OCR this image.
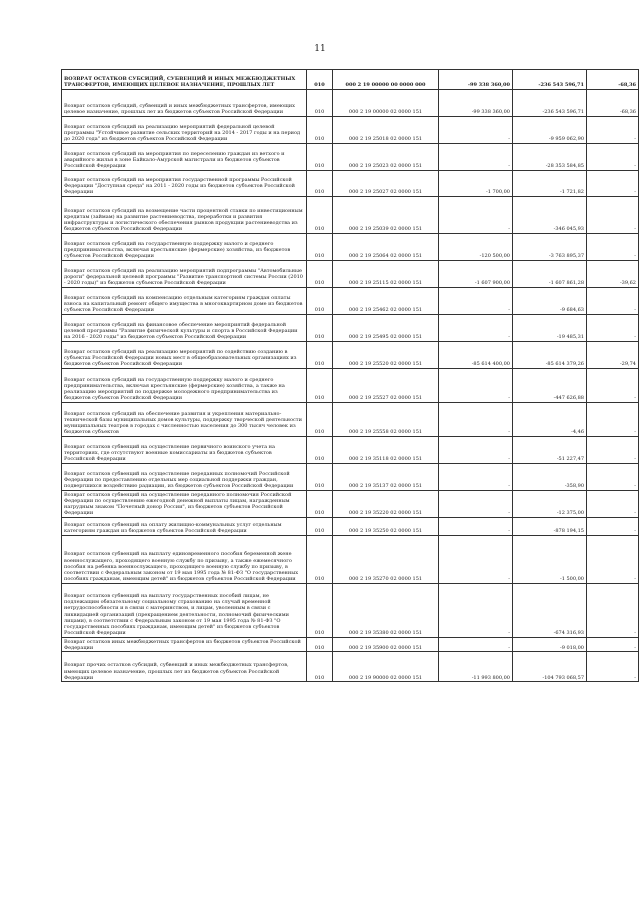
11
ВОЗВРАТ ОСТАТКОВ СУБСИДИЙ, СУБВЕНЦИЙ И ИНЫХ МЕЖБЮДЖЕТНЫХ ТРАНСФЕРТОВ, ИМЕЮЩИХ ЦЕЛЕВОЕ НАЗНАЧЕНИЕ, ПРОШЛЫХ ЛЕТ	010	000 2 19 00000 00 0000 000	-99 338 360,00	-236 543 596,71	-68,36
Возврат остатков субсидий, субвенций и иных межбюджетных трансфертов, имеющих целевое назначение, прошлых лет из бюджетов субъектов Российской Федерации	010	000 2 19 00000 02 0000 151	-99 338 360,00	-236 543 596,71	-68,36
Возврат остатков субсидий на реализацию мероприятий федеральной целевой программы "Устойчивое развитие сельских территорий на 2014 - 2017 годы и на период до 2020 года" из бюджетов субъектов Российской Федерации	010	000 2 19 25018 02 0000 151	-	-9 959 062,90	-
Возврат остатков субсидий на мероприятия по переселению граждан из ветхого и аварийного жилья в зоне Байкало-Амурской магистрали из бюджетов субъектов Российской Федерации	010	000 2 19 25023 02 0000 151	-	-28 353 584,85	-
Возврат остатков субсидий на мероприятия государственной программы Российской Федерации "Доступная среда" на 2011 - 2020 годы из бюджетов субъектов Российской Федерации	010	000 2 19 25027 02 0000 151	-1 700,00	-1 721,82	-
Возврат остатков субсидий на возмещение части процентной ставки по инвестиционным кредитам (займам) на развитие растениеводства, переработки и развития инфраструктуры и логистического обеспечения рынков продукции растениеводства из бюджетов субъектов Российской Федерации	010	000 2 19 25039 02 0000 151	-	-346 045,93	-
Возврат остатков субсидий на государственную поддержку малого и среднего предпринимательства, включая крестьянские (фермерские) хозяйства, из бюджетов субъектов Российской Федерации	010	000 2 19 25064 02 0000 151	-120 500,00	-3 763 895,37	-
Возврат остатков субсидий на реализацию мероприятий подпрограммы "Автомобильные дороги" федеральной целевой программы "Развитие транспортной системы России (2010 - 2020 годы)" из бюджетов субъектов Российской Федерации	010	000 2 19 25115 02 0000 151	-1 607 900,00	-1 607 861,28	-39,62
Возврат остатков субсидий на компенсацию отдельным категориям граждан оплаты взноса на капитальный ремонт общего имущества в многоквартирном доме из бюджетов субъектов Российской Федерации	010	000 2 19 25462 02 0000 151	-	-9 684,63	-
Возврат остатков субсидий на финансовое обеспечение мероприятий федеральной целевой программы "Развитие физической культуры и спорта в Российской Федерации на 2016 - 2020 годы" из бюджетов субъектов Российской Федерации	010	000 2 19 25495 02 0000 151	-	-19 485,31	-
Возврат остатков субсидий на реализацию мероприятий по содействию созданию в субъектах Российской Федерации новых мест в общеобразовательных организациях из бюджетов субъектов Российской Федерации	010	000 2 19 25520 02 0000 151	-85 614 400,00	-85 614 379,26	-29,74
Возврат остатков субсидий на государственную поддержку малого и среднего предпринимательства, включая крестьянские (фермерские) хозяйства, а также на реализацию мероприятий по поддержке молодежного предпринимательства из бюджетов субъектов Российской Федерации	010	000 2 19 25527 02 0000 151	-	-447 626,88	-
Возврат остатков субсидий на обеспечение развития и укрепления материально-технической базы муниципальных домов культуры, поддержку творческой деятельности муниципальных театров в городах с численностью населения до 300 тысяч человек из бюджетов субъектов	010	000 2 19 25558 02 0000 151	-	-4,46	-
Возврат остатков субвенций на осуществление первичного воинского учета на территориях, где отсутствуют военные комиссариаты из бюджетов субъектов Российской Федерации	010	000 2 19 35118 02 0000 151	-	-51 227,47	-
Возврат остатков субвенций на осуществление переданных полномочий Российской Федерации по предоставлению отдельных мер социальной поддержки граждан, подвергшихся воздействию радиации, из бюджетов субъектов Российской Федерации	010	000 2 19 35137 02 0000 151	-	-358,90	-
Возврат остатков субвенций на осуществление переданного полномочия Российской Федерации по осуществлению ежегодной денежной выплаты лицам, награжденным нагрудным знаком "Почетный донор России", из бюджетов субъектов Российской Федерации	010	000 2 19 35220 02 0000 151	-	-12 375,00	-
Возврат остатков субвенций на оплату жилищно-коммунальных услуг отдельным категориям граждан из бюджетов субъектов Российской Федерации	010	000 2 19 35250 02 0000 151	-	-878 194,15	-
Возврат остатков субвенций на выплату единовременного пособия беременной жене военнослужащего, проходящего военную службу по призыву, а также ежемесячного пособия на ребенка военнослужащего, проходящего военную службу по призыву, в соответствии с Федеральным законом от 19 мая 1995 года № 81-ФЗ "О государственных пособиях гражданам, имеющим детей" из бюджетов субъектов Российской Федерации	010	000 2 19 35270 02 0000 151	-	-1 500,00	-
Возврат остатков субвенций на выплату государственных пособий лицам, не подлежащим обязательному социальному страхованию на случай временной нетрудоспособности и в связи с материнством, и лицам, уволенным в связи с ликвидацией организаций (прекращением деятельности, полномочий физическими лицами), в соответствии с Федеральным законом от 19 мая 1995 года № 81-ФЗ "О государственных пособиях гражданам, имеющим детей" из бюджетов субъектов Российской Федерации	010	000 2 19 35380 02 0000 151	-	-674 316,93	-
Возврат остатков иных межбюджетных трансфертов из бюджетов субъектов Российской Федерации	010	000 2 19 35900 02 0000 151	-	-9 018,00	-
Возврат прочих остатков субсидий, субвенций и иных межбюджетных трансфертов, имеющих целевое назначение, прошлых лет из бюджетов субъектов Российской Федерации	010	000 2 19 90000 02 0000 151	-11 993 800,00	-104 793 068,57	-
